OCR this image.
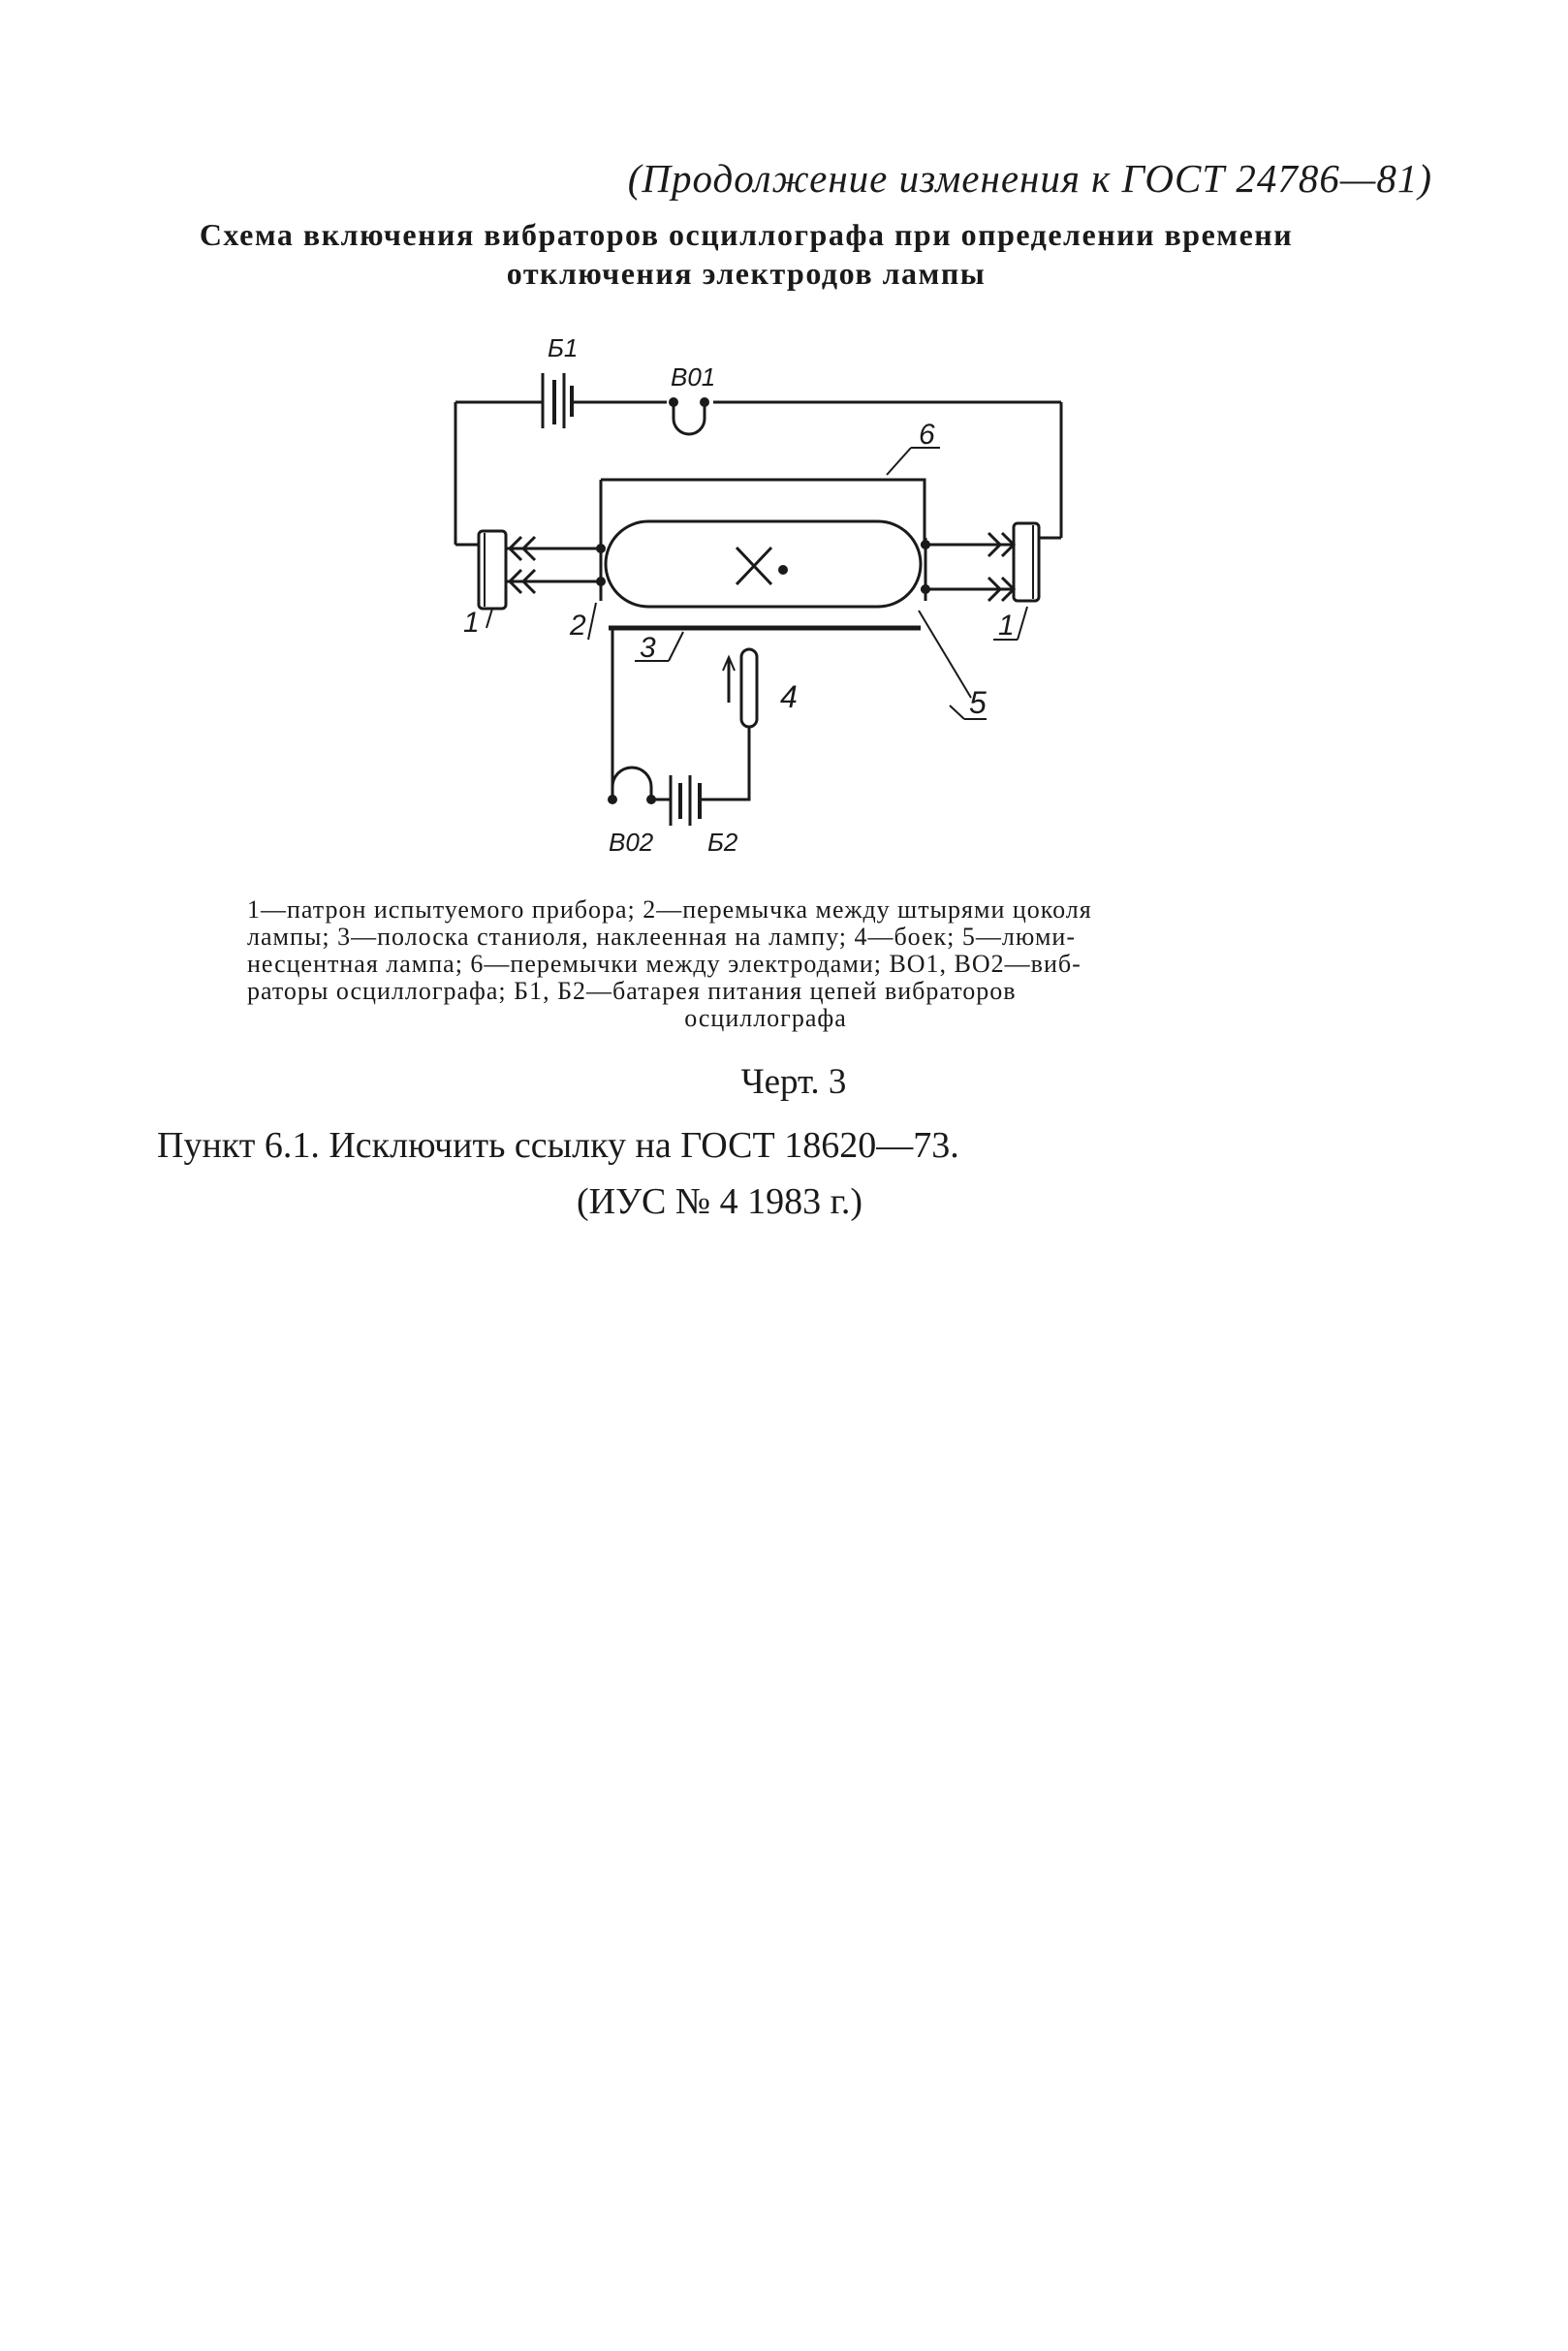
(Продолжение изменения к ГОСТ 24786—81)
Схема включения вибраторов осциллографа при определении времени
отключения электродов лампы
Б1
В01
6
1	2	1
3
4	5
В02 Б2
1—патрон испытуемого прибора; 2—перемычка между штырями цоколя
лампы; 3—полоска станиоля, наклеенная на лампу; 4—боек; 5—люми-
несцентная лампа; 6—перемычки между электродами; ВО1, ВО2—виб-
раторы осциллографа; Б1, Б2—батарея питания цепей вибраторов
осциллографа
Черт. 3
Пункт 6.1. Исключить ссылку на ГОСТ 18620—73.
(ИУС № 4 1983 г.)
